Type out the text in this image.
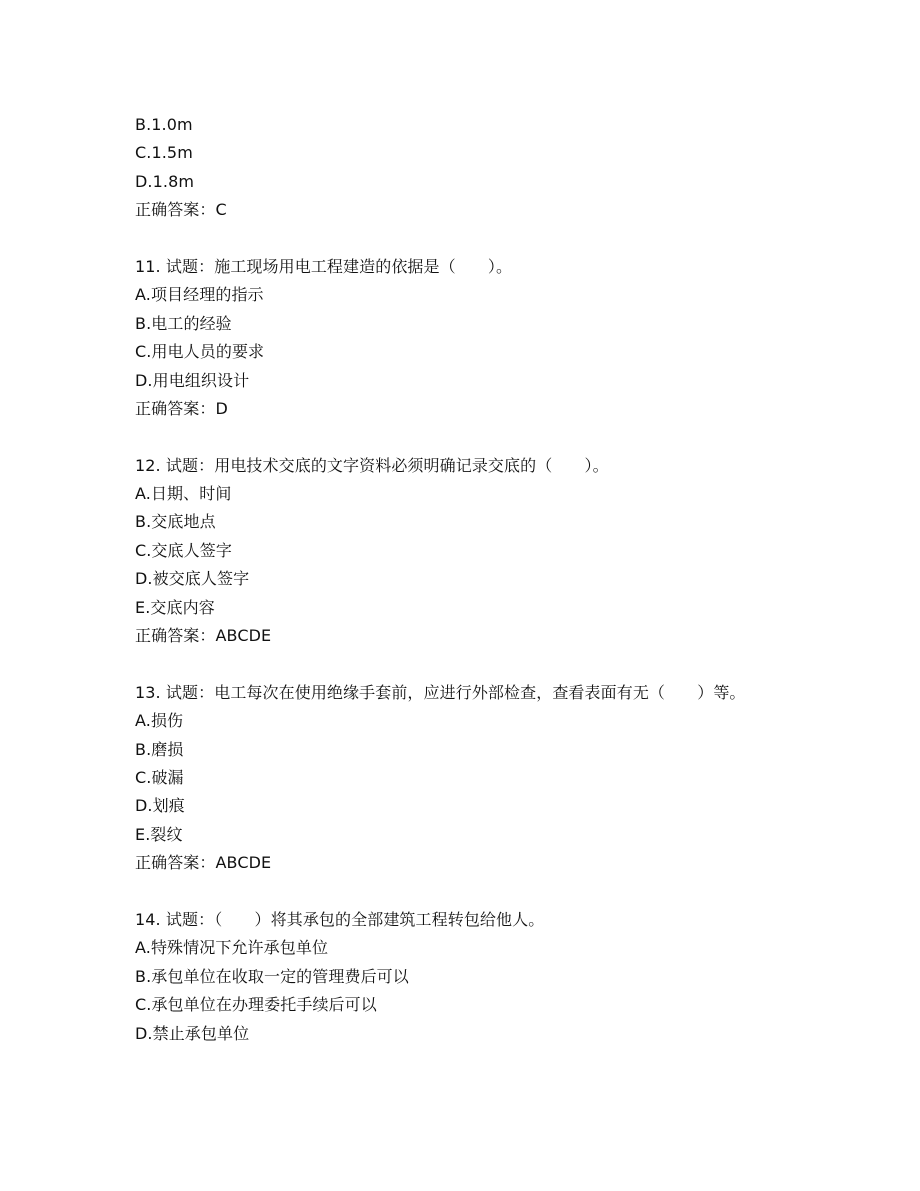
B.1.0m
C.1.5m
D.1.8m
正确答案：C
11. 试题：施工现场用电工程建造的依据是（　　）。
A.项目经理的指示
B.电工的经验
C.用电人员的要求
D.用电组织设计
正确答案：D
12. 试题：用电技术交底的文字资料必须明确记录交底的（　　）。
A.日期、时间
B.交底地点
C.交底人签字
D.被交底人签字
E.交底内容
正确答案：ABCDE
13. 试题：电工每次在使用绝缘手套前，应进行外部检查，查看表面有无（　　）等。
A.损伤
B.磨损
C.破漏
D.划痕
E.裂纹
正确答案：ABCDE
14. 试题：（　　）将其承包的全部建筑工程转包给他人。
A.特殊情况下允许承包单位
B.承包单位在收取一定的管理费后可以
C.承包单位在办理委托手续后可以
D.禁止承包单位
